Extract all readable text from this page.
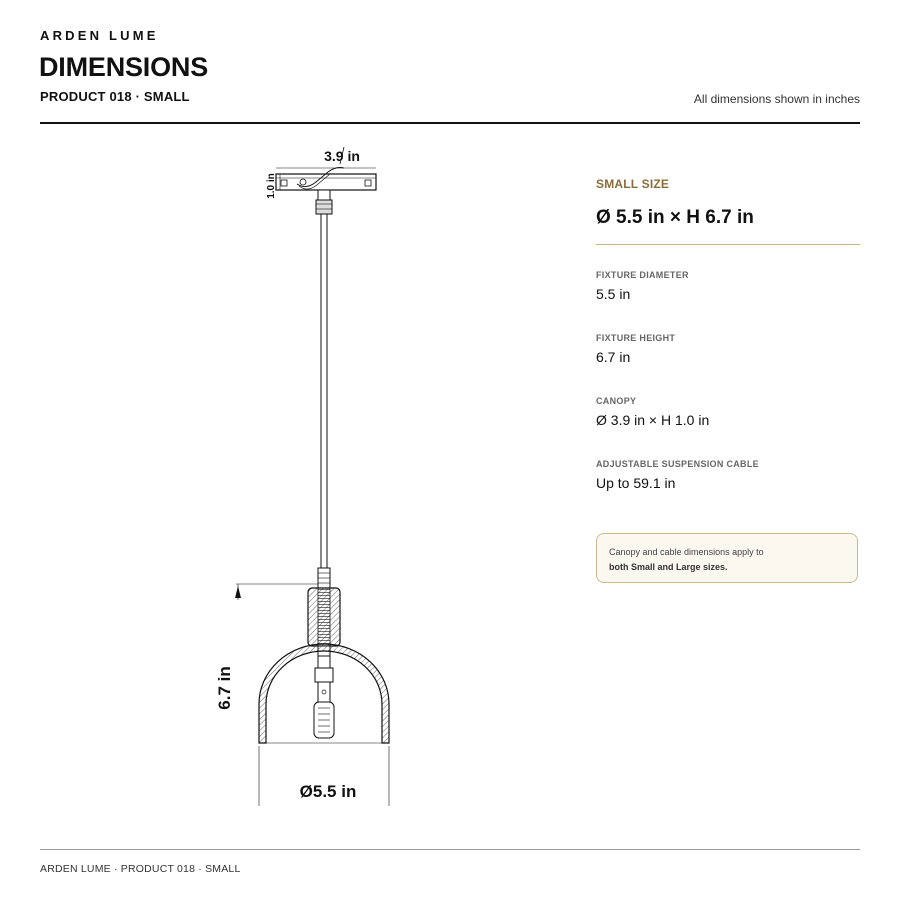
ARDEN LUME
DIMENSIONS
PRODUCT 018 · SMALL	All dimensions shown in inches
3.9 in
1.0 in
6.7 in
Ø5.5 in
SMALL SIZE
Ø 5.5 in × H 6.7 in
FIXTURE DIAMETER
5.5 in
FIXTURE HEIGHT
6.7 in
CANOPY
Ø 3.9 in × H 1.0 in
ADJUSTABLE SUSPENSION CABLE
Up to 59.1 in
Canopy and cable dimensions apply to
both Small and Large sizes.
ARDEN LUME · PRODUCT 018 · SMALL
